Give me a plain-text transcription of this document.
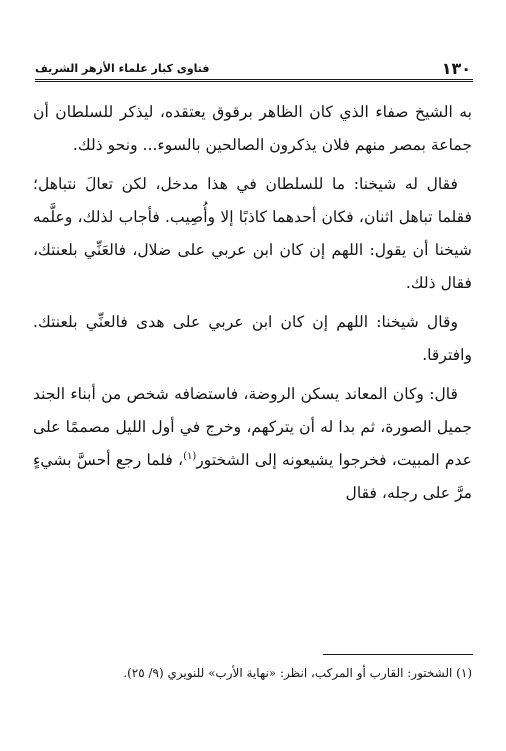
فتاوى كبار علماء الأزهر الشريف	١٣٠

به الشيخ صفاء الذي كان الظاهر برقوق يعتقده، ليذكر للسلطان أن جماعة بمصر منهم فلان يذكرون الصالحين بالسوء... ونحو ذلك.

فقال له شيخنا: ما للسلطان في هذا مدخل، لكن تعالَ نتباهل؛ فقلما تباهل اثنان، فكان أحدهما كاذبًا إلا وأُصِيب. فأجاب لذلك، وعلَّمه شيخنا أن يقول: اللهم إن كان ابن عربي على ضلال، فالعَنِّي بلعنتك، فقال ذلك.

وقال شيخنا: اللهم إن كان ابن عربي على هدى فالعنِّي بلعنتك. وافترقا.

قال: وكان المعاند يسكن الروضة، فاستضافه شخص من أبناء الجند جميل الصورة، ثم بدا له أن يتركهم، وخرج في أول الليل مصممًا على عدم المبيت، فخرجوا يشيعونه إلى الشختور$^{(١)}$، فلما رجع أحسَّ بشيءٍ مرَّ على رجله، فقال

(١) الشختور: القارب أو المركب، انظر: «نهاية الأرب» للنويري (٩/ ٢٥).
